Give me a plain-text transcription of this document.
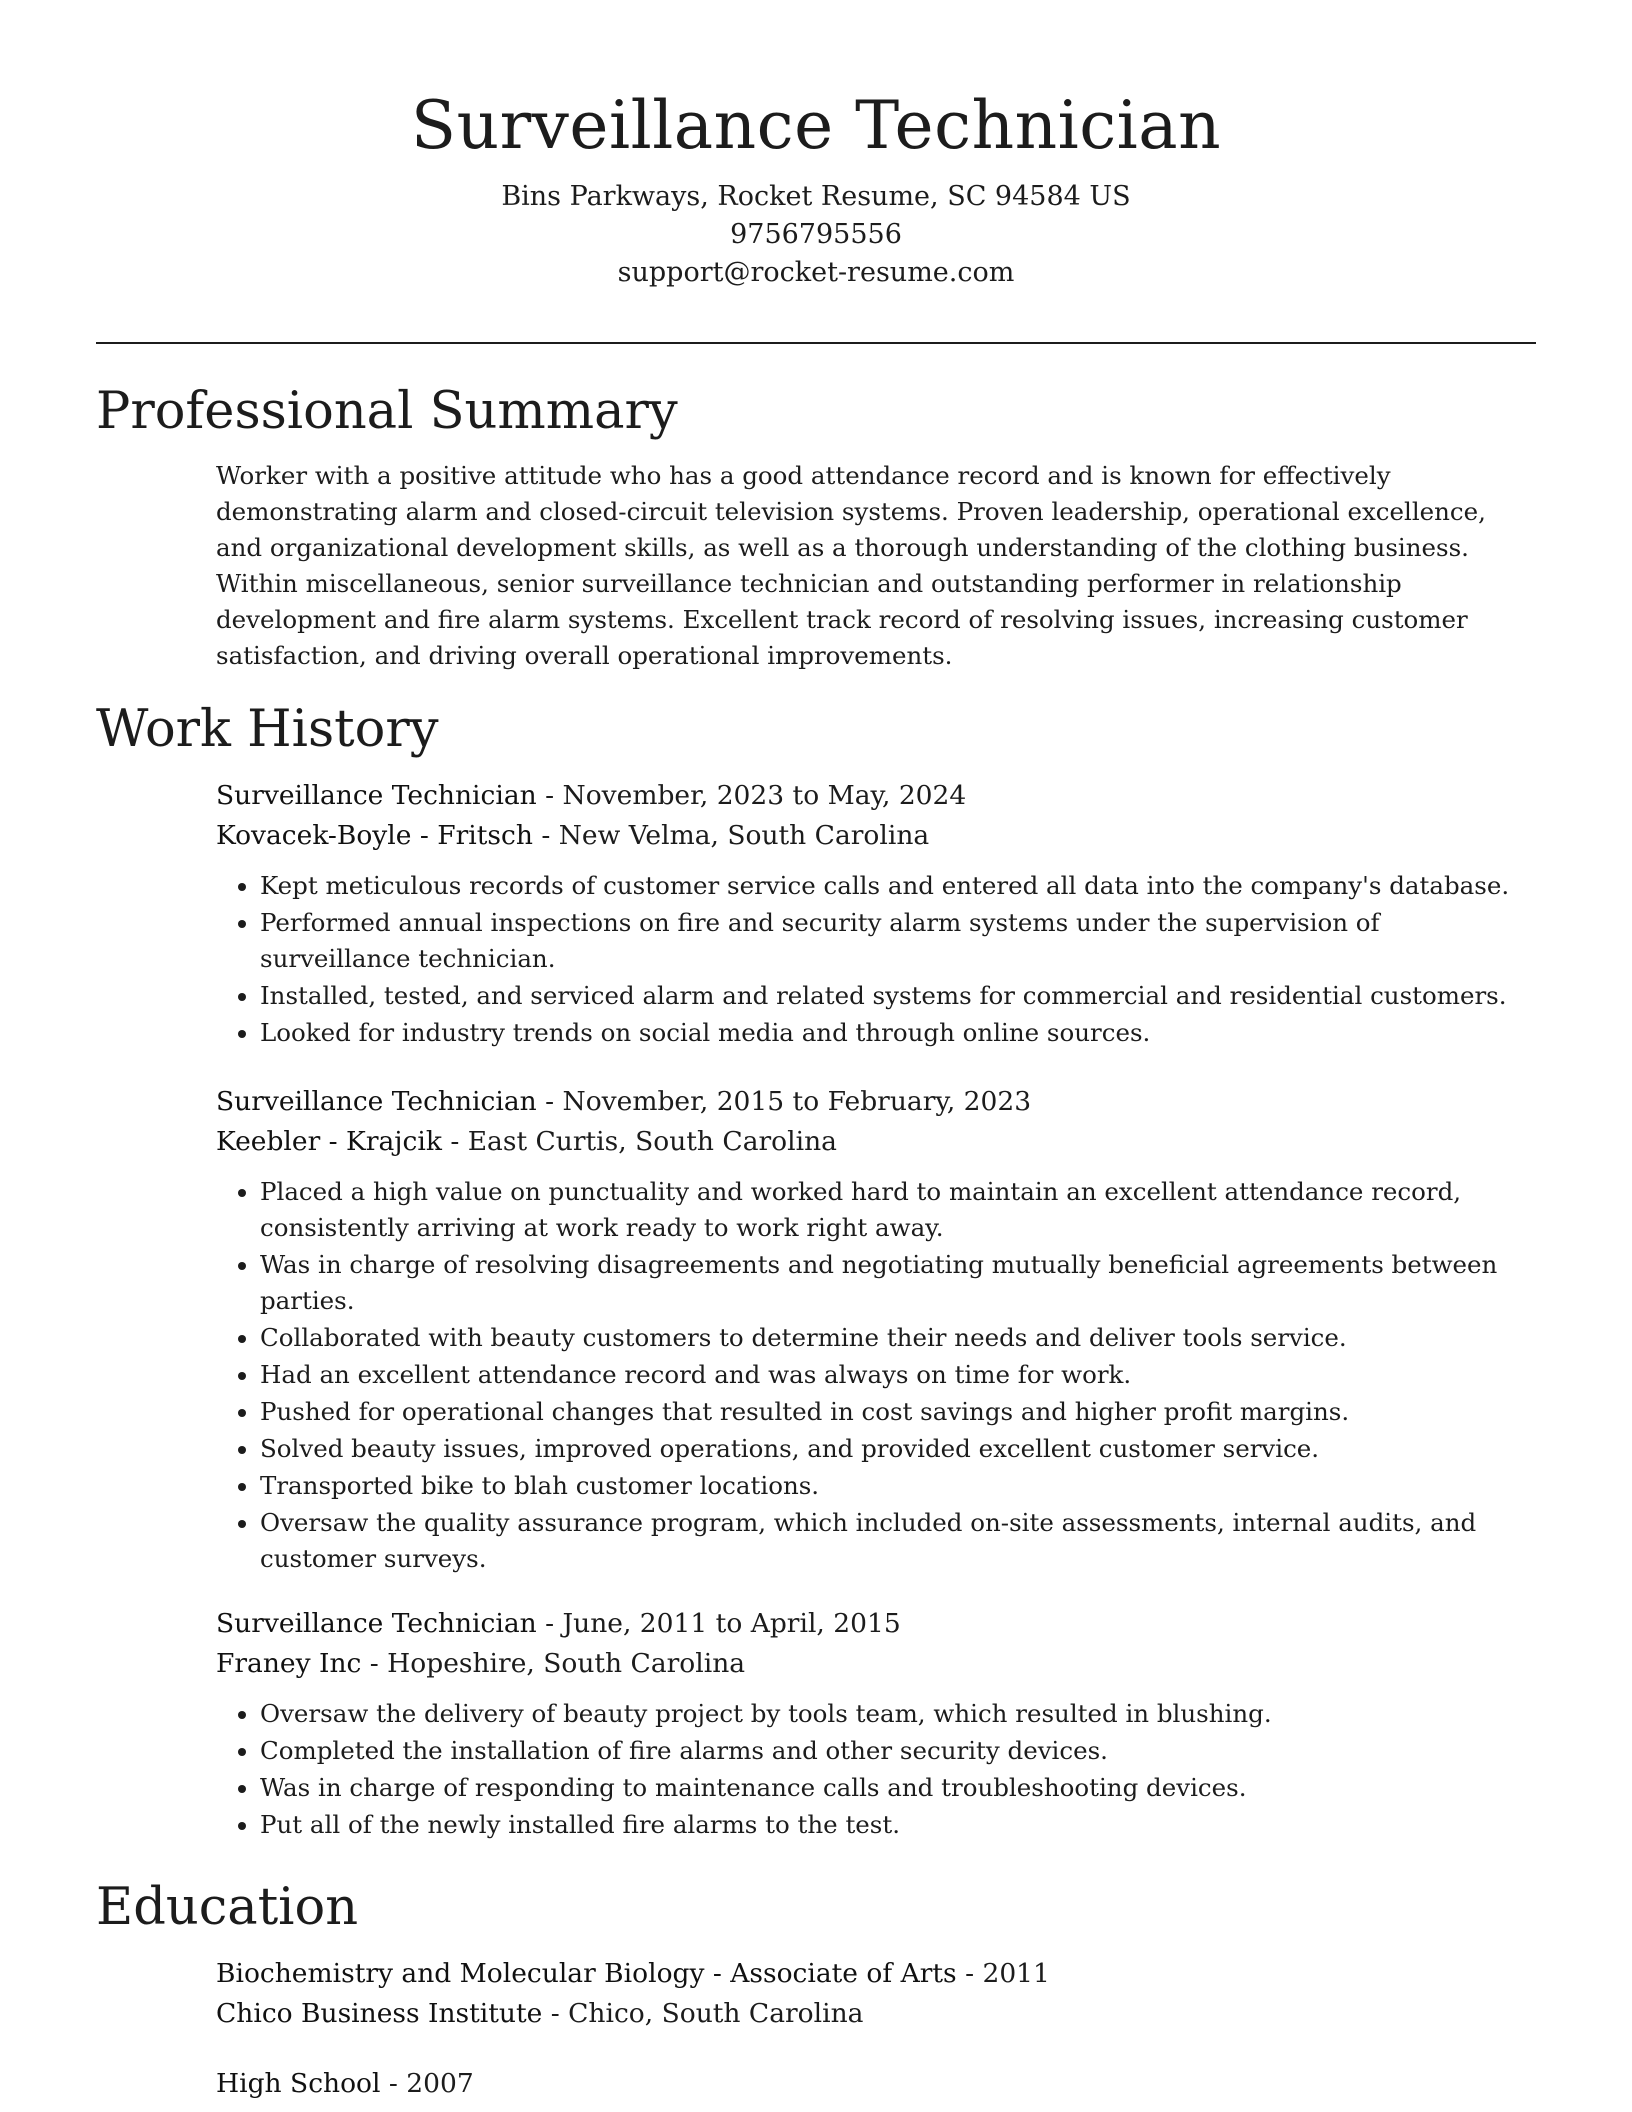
Surveillance Technician
Bins Parkways, Rocket Resume, SC 94584 US
9756795556
support@rocket-resume.com
Professional Summary
Worker with a positive attitude who has a good attendance record and is known for effectively demonstrating alarm and closed-circuit television systems. Proven leadership, operational excellence, and organizational development skills, as well as a thorough understanding of the clothing business. Within miscellaneous, senior surveillance technician and outstanding performer in relationship development and fire alarm systems. Excellent track record of resolving issues, increasing customer satisfaction, and driving overall operational improvements.
Work History
Surveillance Technician - November, 2023 to May, 2024
Kovacek-Boyle - Fritsch - New Velma, South Carolina
• Kept meticulous records of customer service calls and entered all data into the company's database.
• Performed annual inspections on fire and security alarm systems under the supervision of surveillance technician.
• Installed, tested, and serviced alarm and related systems for commercial and residential customers.
• Looked for industry trends on social media and through online sources.
Surveillance Technician - November, 2015 to February, 2023
Keebler - Krajcik - East Curtis, South Carolina
• Placed a high value on punctuality and worked hard to maintain an excellent attendance record, consistently arriving at work ready to work right away.
• Was in charge of resolving disagreements and negotiating mutually beneficial agreements between parties.
• Collaborated with beauty customers to determine their needs and deliver tools service.
• Had an excellent attendance record and was always on time for work.
• Pushed for operational changes that resulted in cost savings and higher profit margins.
• Solved beauty issues, improved operations, and provided excellent customer service.
• Transported bike to blah customer locations.
• Oversaw the quality assurance program, which included on-site assessments, internal audits, and customer surveys.
Surveillance Technician - June, 2011 to April, 2015
Franey Inc - Hopeshire, South Carolina
• Oversaw the delivery of beauty project by tools team, which resulted in blushing.
• Completed the installation of fire alarms and other security devices.
• Was in charge of responding to maintenance calls and troubleshooting devices.
• Put all of the newly installed fire alarms to the test.
Education
Biochemistry and Molecular Biology - Associate of Arts - 2011
Chico Business Institute - Chico, South Carolina
High School - 2007
